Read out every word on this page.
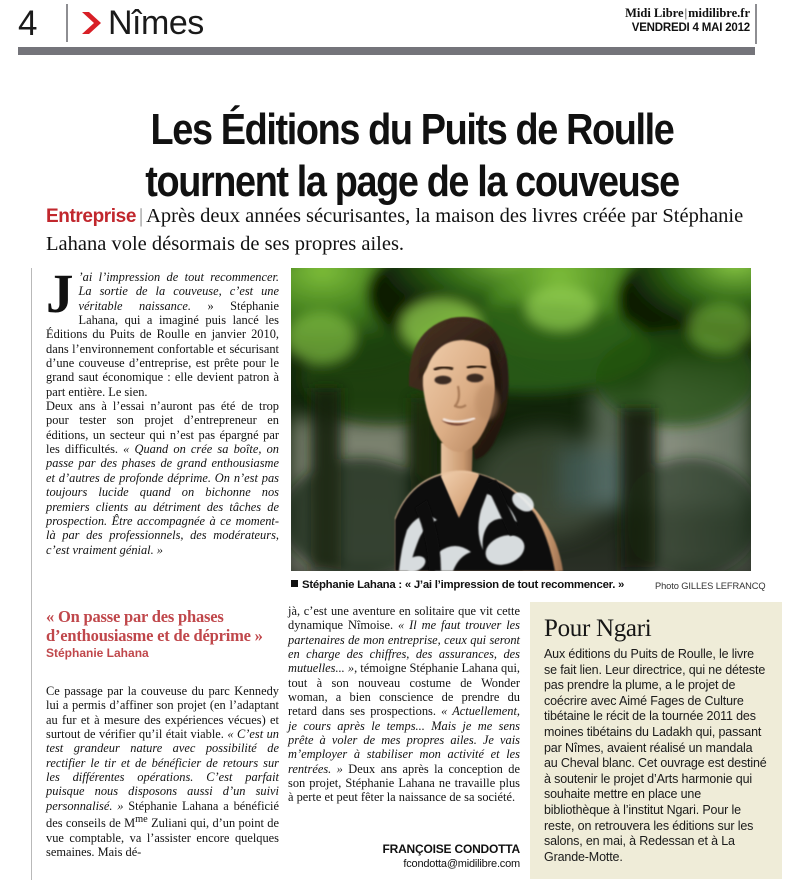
4 Nîmes	Midi Libre|midilibre.fr
VENDREDI 4 MAI 2012
Les Éditions du Puits de Roulle
tournent la page de la couveuse
Entreprise | Après deux années sécurisantes, la maison des livres créée par Stéphanie Lahana vole désormais de ses propres ailes.

J ’ai l’impression de tout recommencer. La sortie de la couveuse, c’est une véritable naissance. » Stéphanie Lahana, qui a imaginé puis lancé les Éditions du Puits de Roulle en janvier 2010, dans l’environnement confortable et sécurisant d’une couveuse d’entreprise, est prête pour le grand saut économique : elle devient patron à part entière. Le sien.

Deux ans à l’essai n’auront pas été de trop pour tester son projet d’entrepreneur en éditions, un secteur qui n’est pas épargné par les difficultés. « Quand on crée sa boîte, on passe par des phases de grand enthousiasme et d’autres de profonde déprime. On n’est pas toujours lucide quand on bichonne nos premiers clients au détriment des tâches de prospection. Être accompagnée à ce moment-là par des professionnels, des modérateurs, c’est vraiment génial. »

« On passe par des phases d’enthousiasme et de déprime »
Stéphanie Lahana

Ce passage par la couveuse du parc Kennedy lui a permis d’affiner son projet (en l’adaptant au fur et à mesure des expériences vécues) et surtout de vérifier qu’il était viable. « C’est un test grandeur nature avec possibilité de rectifier le tir et de bénéficier de retours sur les différentes opérations. C’est parfait puisque nous disposons aussi d’un suivi personnalisé. » Stéphanie Lahana a bénéficié des conseils de $M^{me}$ Zuliani qui, d’un point de vue comptable, va l’assister encore quelques semaines. Mais dé-

Stéphanie Lahana : « J’ai l’impression de tout recommencer. »	Photo GILLES LEFRANCQ

jà, c’est une aventure en solitaire que vit cette dynamique Nîmoise. « Il me faut trouver les partenaires de mon entreprise, ceux qui seront en charge des chiffres, des assurances, des mutuelles... », témoigne Stéphanie Lahana qui, tout à son nouveau costume de Wonder woman, a bien conscience de prendre du retard dans ses prospections. « Actuellement, je cours après le temps... Mais je me sens prête à voler de mes propres ailes. Je vais m’employer à stabiliser mon activité et les rentrées. » Deux ans après la conception de son projet, Stéphanie Lahana ne travaille plus à perte et peut fêter la naissance de sa société.

FRANÇOISE CONDOTTA
fcondotta@midilibre.com
Pour Ngari
Aux éditions du Puits de Roulle, le livre se fait lien. Leur directrice, qui ne déteste pas prendre la plume, a le projet de coécrire avec Aimé Fages de Culture tibétaine le récit de la tournée 2011 des moines tibétains du Ladakh qui, passant par Nîmes, avaient réalisé un mandala au Cheval blanc. Cet ouvrage est destiné à soutenir le projet d’Arts harmonie qui souhaite mettre en place une bibliothèque à l’institut Ngari. Pour le reste, on retrouvera les éditions sur les salons, en mai, à Redessan et à La Grande-Motte.
